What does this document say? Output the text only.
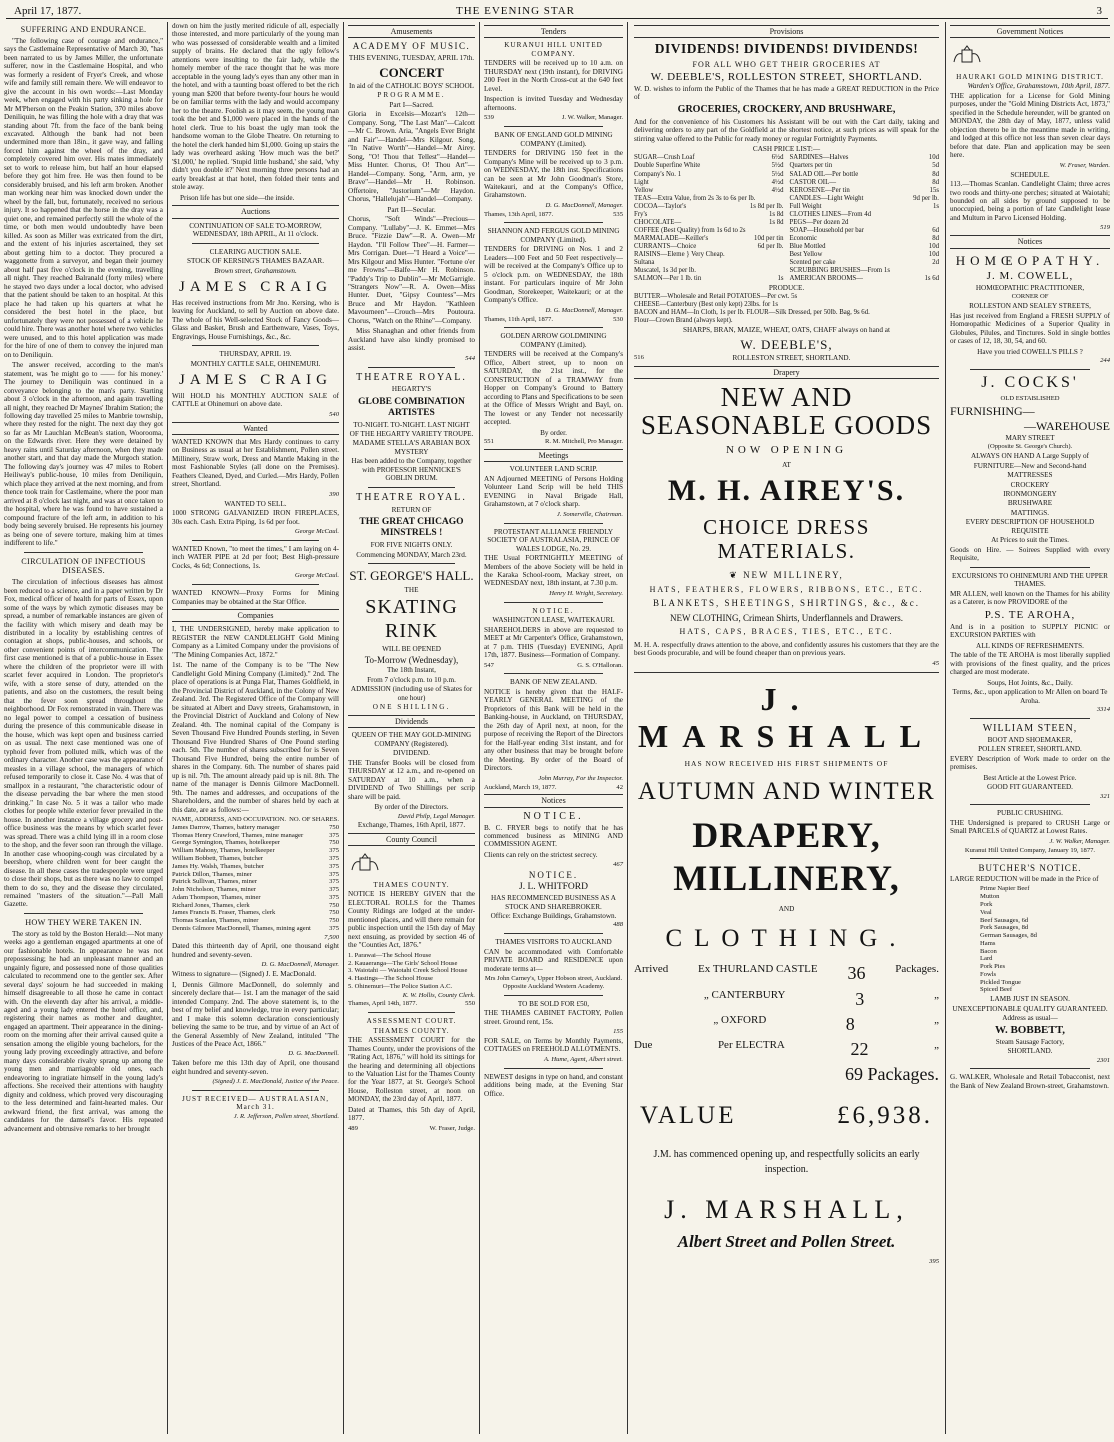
April 17, 1877.	THE EVENING STAR	3
SUFFERING AND ENDURANCE.

"The following case of courage and endurance," says the Castlemaine Representative of March 30, "has been narrated to us by James Miller, the unfortunate sufferer, now in the Castlemaine Hospital, and who was formerly a resident of Fryer's Creek, and whose wife and family still remain there. We will endeavor to give the account in his own words:—Last Monday week, when engaged with his party sinking a hole for Mr M'Pherson on the Peakin Station, 370 miles above Deniliquin, he was filling the hole with a dray that was standing about 7ft. from the face of the bank being excavated. Although the bank had not been undermined more than 18in., it gave way, and falling forced him against the wheel of the dray, and completely covered him over. His mates immediately set to work to release him, but half an hour elapsed before they got him free. He was then found to be considerably bruised, and his left arm broken. Another man working near him was knocked down under the wheel by the fall, but, fortunately, received no serious injury. It so happened that the horse in the dray was a quiet one, and remained perfectly still the whole of the time, or both men would undoubtedly have been killed. As soon as Miller was extricated from the dirt, and the extent of his injuries ascertained, they set about getting him to a doctor. They procured a waggonette from a surveyor, and began their journey about half past five o'clock in the evening, travelling all night. They reached Balranald (forty miles) where he stayed two days under a local doctor, who advised that the patient should be taken to an hospital. At this place he had taken up his quarters at what he considered the best hotel in the place, but unfortunately they were not possessed of a vehicle he could hire. There was another hotel where two vehicles were unused, and to this hotel application was made for the hire of one of them to convey the injured man on to Deniliquin.

The answer received, according to the man's statement, was 'he might go to —— for his money.' The journey to Deniliquin was continued in a conveyance belonging to the man's party. Starting about 3 o'clock in the afternoon, and again travelling all night, they reached Dr Maynes' Ibrahim Station; the following day travelled 25 miles to Manbrie township, where they rested for the night. The next day they got so far as Mr Lauchlan McBean's station, Woorooma, on the Edwards river. Here they were detained by heavy rains until Saturday afternoon, when they made another start, and that day made the Murgoch station. The following day's journey was 47 miles to Robert Heiliway's public-house, 10 miles from Deniliquin, which place they arrived at the next morning, and from thence took train for Castlemaine, where the poor man arrived at 8 o'clock last night, and was at once taken to the hospital, where he was found to have sustained a compound fracture of the left arm, in addition to his body being severely bruised. He represents his journey as being one of severe torture, making him at times indifferent to life."

CIRCULATION OF INFECTIOUS DISEASES.

The circulation of infectious diseases has almost been reduced to a science, and in a paper written by Dr Fox, medical officer of health for parts of Essex, upon some of the ways by which zymotic diseases may be spread, a number of remarkable instances are given of the facility with which misery and death may be distributed in a locality by establishing centres of contagion at shops, public-houses, and schools, or other convenient points of intercommunication. The first case mentioned is that of a public-house in Essex where the children of the proprietor were ill with scarlet fever acquired in London. The proprietor's wife, with a store sense of duty, attended on the patients, and also on the customers, the result being that the fever soon spread throughout the neighborhood. Dr Fox remonstrated in vain. There was no legal power to compel a cessation of business during the presence of this communicable disease in the house, which was kept open and business carried on as usual. The next case mentioned was one of typhoid fever from polluted milk, which was of the ordinary character. Another case was the appearance of measles in a village school, the managers of which refused temporarily to close it. Case No. 4 was that of smallpox in a restaurant, "the characteristic odour of the disease pervading the bar where the men stood drinking." In case No. 5 it was a tailor who made clothes for people while exterior fever prevailed in the house. In another instance a village grocery and post-office business was the means by which scarlet fever was spread. There was a child lying ill in a room close to the shop, and the fever soon ran through the village. In another case whooping-cough was circulated by a beershop, where children went for beer caught the disease. In all these cases the tradespeople were urged to close their shops, but as there was no law to compel them to do so, they and the disease they circulated, remained "masters of the situation."—Pall Mall Gazette.

HOW THEY WERE TAKEN IN.

The story as told by the Boston Herald:—Not many weeks ago a gentleman engaged apartments at one of our fashionable hotels. In appearance he was not prepossessing; he had an unpleasant manner and an ungainly figure, and possessed none of those qualities calculated to recommend one to the gentler sex. After several days' sojourn he had succeeded in making himself disagreeable to all those he came in contact with. On the eleventh day after his arrival, a middle-aged and a young lady entered the hotel office, and, registering their names as mother and daughter, engaged an apartment. Their appearance in the dining-room on the morning after their arrival caused quite a sensation among the eligible young bachelors, for the young lady proving exceedingly attractive, and before many days considerable rivalry sprang up among the young men and marriageable old ones, each endeavoring to ingratiate himself in the young lady's affections. She received their attentions with haughty dignity and coldness, which proved very discouraging to the less determined and faint-hearted males. Our awkward friend, the first arrival, was among the candidates for the damsel's favor. His repeated advancement and obtrusive remarks to her brought

down on him the justly merited ridicule of all, especially those interested, and more particularly of the young man who was possessed of considerable wealth and a limited supply of brains. He declared that the ugly fellow's attentions were insulting to the fair lady, while the homely member of the race thought that he was more acceptable in the young lady's eyes than any other man in the hotel, and with a taunting boast offered to bet the rich young man $200 that before twenty-four hours he would be on familiar terms with the lady and would accompany her to the theatre. Foolish as it may seem, the young man took the bet and $1,000 were placed in the hands of the hotel clerk. True to his boast the ugly man took the handsome woman to the Globe Theatre. On returning to the hotel the clerk handed him $1,000. Going up stairs the lady was overheard asking 'How much was the bet?' '$1,000,' he replied. 'Stupid little husband,' she said, 'why didn't you double it?' Next morning three persons had an early breakfast at that hotel, then folded their tents and stole away.

Prison life has but one side—the inside.

Auctions
CONTINUATION OF SALE TO-MORROW, WEDNESDAY, 18th APRIL, At 11 o'clock.
CLEARING AUCTION SALE.
STOCK OF KERSING'S THAMES BAZAAR.
Brown street, Grahamstown.
JAMES CRAIG

Has received instructions from Mr Jno. Kersing, who is leaving for Auckland, to sell by Auction on above date. The whole of his Well-selected Stock of Fancy Goods—Glass and Basket, Brush and Earthenware, Vases, Toys, Engravings, House Furnishings, &c., &c.

THURSDAY, APRIL 19.
MONTHLY CATTLE SALE, OHINEMURI.
JAMES CRAIG

Will HOLD his MONTHLY AUCTION SALE of CATTLE at Ohinemuri on above date.

540
Wanted

WANTED KNOWN that Mrs Hardy continues to carry on Business as usual at her Establishment, Pollen street. Millinery, Straw work, Dress and Mantle Making in the most Fashionable Styles (all done on the Premises). Feathers Cleaned, Dyed, and Curled.—Mrs Hardy, Pollen street, Shortland.

390
WANTED TO SELL.

1000 STRONG GALVANIZED IRON FIREPLACES, 30s each. Cash. Extra Piping, 1s 6d per foot.

George McCaul.

WANTED Known, "to meet the times," I am laying on 4-inch WATER PIPE at 2d per foot; Best High-pressure Cocks, 4s 6d; Connections, 1s.

George McCaul.

WANTED KNOWN—Proxy Forms for Mining Companies may be obtained at the Star Office.

Companies

I, THE UNDERSIGNED, hereby make application to REGISTER the NEW CANDLELIGHT Gold Mining Company as a Limited Company under the provisions of "The Mining Companies Act, 1872."

1st. The name of the Company is to be "The New Candlelight Gold Mining Company (Limited)." 2nd. The place of operations is at Punga Flat, Thames Goldfield, in the Provincial District of Auckland, in the Colony of New Zealand. 3rd. The Registered Office of the Company will be situated at Albert and Davy streets, Grahamstown, in the Provincial District of Auckland and Colony of New Zealand. 4th. The nominal capital of the Company is Seven Thousand Five Hundred Pounds sterling, in Seven Thousand Five Hundred Shares of One Pound sterling each. 5th. The number of shares subscribed for is Seven Thousand Five Hundred, being the entire number of shares in the Company. 6th. The number of shares paid up is nil. 7th. The amount already paid up is nil. 8th. The name of the manager is Dennis Gilmore MacDonnell. 9th. The names and addresses, and occupations of the Shareholders, and the number of shares held by each at this date, are as follows:—

NAME, ADDRESS, AND OCCUPATION. NO. OF SHARES.
James Darrow, Thames, battery manager	750
Thomas Henry Crawford, Thames, mine manager	375
George Symington, Thames, hotelkeeper	750
William Mahony, Thames, hotelkeeper	375
William Bobbett, Thames, butcher	375
James Hy. Walsh, Thames, butcher	375
Patrick Dillon, Thames, miner	375
Patrick Sullivan, Thames, miner	375
John Nicholson, Thames, miner	375
Adam Thompson, Thames, miner	375
Richard Jones, Thames, clerk	750
James Francis B. Fraser, Thames, clerk	750
Thomas Scanlan, Thames, miner	750
Dennis Gilmore MacDonnell, Thames, mining agent	375
7,500

Dated this thirteenth day of April, one thousand eight hundred and seventy-seven.

D. G. MacDonnell, Manager.

Witness to signature— (Signed) J. E. MacDonald.

I, Dennis Gilmore MacDonnell, do solemnly and sincerely declare that— 1st. I am the manager of the said intended Company. 2nd. The above statement is, to the best of my belief and knowledge, true in every particular; and I make this solemn declaration conscientiously believing the same to be true, and by virtue of an Act of the General Assembly of New Zealand, intituled "The Justices of the Peace Act, 1866."

D. G. MacDonnell.

Taken before me this 13th day of April, one thousand eight hundred and seventy-seven.

(Signed) J. E. MacDonald, Justice of the Peace.
JUST RECEIVED— AUSTRALASIAN, March 31.
J. R. Jefferson, Pollen street, Shortland.
Amusements
ACADEMY OF MUSIC.
THIS EVENING, TUESDAY, APRIL 17th.
CONCERT
In aid of the CATHOLIC BOYS' SCHOOL
PROGRAMME.
Part I—Sacred.

Gloria in Excelsis—Mozart's 12th—Company. Song, "The Last Man"—Calcott—Mr C. Brown. Aria, "Angels Ever Bright and Fair"—Handel—Mrs Kilgour. Song, "In Native Worth"—Handel—Mr Airey. Song, "O! Thou that Tellest"—Handel—Miss Hunter. Chorus, O! Thou Art"—Handel—Company. Song, "Arm, arm, ye Brave"—Handel—Mr H. Robinson. Offertoire, "Justorium"—Mr Haydon. Chorus, "Hallelujah"—Handel—Company.

Part II—Secular.

Chorus, "Soft Winds"—Precious—Company. "Lullaby"—J. K. Emmet—Mrs Bruce. "Fizzie Daw"—R. A. Owen—Mr Haydon. "I'll Follow Thee"—H. Farmer—Mrs Corrigan. Duet—"I Heard a Voice"—Mrs Kilgour and Miss Hunter. "Fortune o'er me Frowns"—Balfe—Mr H. Robinson. "Paddy's Trip to Dublin"—Mr McGarrigle. "Strangers Now"—R. A. Owen—Miss Hunter. Duet, "Gipsy Countess"—Mrs Bruce and Mr Haydon. "Kathleen Mavourneen"—Crouch—Mrs Poutoura. Chorus, "Watch on the Rhine"—Company.

Miss Shanaghan and other friends from Auckland have also kindly promised to assist.

544
THEATRE ROYAL.
HEGARTY'S
GLOBE COMBINATION ARTISTES
TO-NIGHT. TO-NIGHT. LAST NIGHT OF THE HEGARTY VARIETY TROUPE.
MADAME STELLA'S ARABIAN BOX MYSTERY
Has been added to the Company, together with PROFESSOR HENNICKE'S GOBLIN DRUM.
THEATRE ROYAL.
RETURN OF
THE GREAT CHICAGO MINSTRELS !
FOR FIVE NIGHTS ONLY.
Commencing MONDAY, March 23rd.
ST. GEORGE'S HALL.
THE
SKATING RINK
WILL BE OPENED
To-Morrow (Wednesday),
The 18th Instant,
From 7 o'clock p.m. to 10 p.m.
ADMISSION (including use of Skates for one hour)
ONE SHILLING.
Dividends
QUEEN OF THE MAY GOLD-MINING COMPANY (Registered).
DIVIDEND.

THE Transfer Books will be closed from THURSDAY at 12 a.m., and re-opened on SATURDAY at 10 a.m., when a DIVIDEND of Two Shillings per scrip share will be paid.

By order of the Directors.
David Philp, Legal Manager.
Exchange, Thames, 16th April, 1877.
County Council
THAMES COUNTY.

NOTICE IS HEREBY GIVEN that the ELECTORAL ROLLS for the Thames County Ridings are lodged at the under-mentioned places, and will there remain for public inspection until the 15th day of May next ensuing, as provided by section 46 of the "Counties Act, 1876."

1. Parawai—The School House
2. Kauaeranga—The Girls' School House
3. Waiotahi — Waiotahi Creek School House
4. Hastings—The School House
5. Ohinemuri—The Police Station A.C.
K. W. Hollis, County Clerk.
Thames, April 14th, 1877.	550
ASSESSMENT COURT.
THAMES COUNTY.

THE ASSESSMENT COURT for the Thames County, under the provisions of the "Rating Act, 1876," will hold its sittings for the hearing and determining all objections to the Valuation List for the Thames County for the Year 1877, at St. George's School House, Rolleston street, at noon on MONDAY, the 23rd day of April, 1877.

Dated at Thames, this 5th day of April, 1877.

489	W. Fraser, Judge.
Tenders
KURANUI HILL UNITED COMPANY.

TENDERS will be received up to 10 a.m. on THURSDAY next (19th instant), for DRIVING 200 Feet in the North Cross-cut at the 640 feet Level.

Inspection is invited Tuesday and Wednesday afternoons.

539	J. W. Walker, Manager.
BANK OF ENGLAND GOLD MINING COMPANY (Limited).

TENDERS for DRIVING 150 feet in the Company's Mine will be received up to 3 p.m. on WEDNESDAY, the 18th inst. Specifications can be seen at Mr John Goodman's Store, Waitekauri, and at the Company's Office, Grahamstown.

D. G. MacDonnell, Manager.
Thames, 13th April, 1877.	535
SHANNON AND FERGUS GOLD MINING COMPANY (Limited).

TENDERS for DRIVING on Nos. 1 and 2 Leaders—100 Feet and 50 Feet respectively—will be received at the Company's Office up to 5 o'clock p.m. on WEDNESDAY, the 18th instant. For particulars inquire of Mr John Goodman, Storekeeper, Waitekauri; or at the Company's Office.

D. G. MacDonnell, Manager.
Thames, 11th April, 1877.	530
GOLDEN ARROW GOLDMINING COMPANY (Limited).

TENDERS will be received at the Company's Office, Albert street, up to noon on SATURDAY, the 21st inst., for the CONSTRUCTION of a TRAMWAY from Hopper on Company's Ground to Battery according to Plans and Specifications to be seen at the Office of Messrs Wright and Bayl, on. The lowest or any Tender not necessarily accepted.

By order.
551	R. M. Mitchell, Pro Manager.
Meetings
VOLUNTEER LAND SCRIP.

AN Adjourned MEETING of Persons Holding Volunteer Land Scrip will be held THIS EVENING in Naval Brigade Hall, Grahamstown, at 7 o'clock sharp.

J. Somerville, Chairman.
PROTESTANT ALLIANCE FRIENDLY SOCIETY OF AUSTRALASIA, PRINCE OF WALES LODGE, No. 29.

THE Usual FORTNIGHTLY MEETING of Members of the above Society will be held in the Karaka School-room, Mackay street, on WEDNESDAY next, 18th instant, at 7.30 p.m.

Henry H. Wright, Secretary.
NOTICE.
WASHINGTON LEASE, WAITEKAURI.

SHAREHOLDERS in above are requested to MEET at Mr Carpenter's Office, Grahamstown, at 7 p.m. THIS (Tuesday) EVENING, April 17th, 1877. Business—Formation of Company.

547	G. S. O'Halloran.
BANK OF NEW ZEALAND.

NOTICE is hereby given that the HALF-YEARLY GENERAL MEETING of the Proprietors of this Bank will be held in the Banking-house, in Auckland, on THURSDAY, the 26th day of April next, at noon, for the purpose of receiving the Report of the Directors for the Half-year ending 31st instant, and for any other business that may be brought before the Meeting. By order of the Board of Directors.

John Murray, For the Inspector.
Auckland, March 19, 1877.	42
Notices
NOTICE.

B. C. FRYER begs to notify that he has commenced business as MINING AND COMMISSION AGENT.

Clients can rely on the strictest secrecy.

467
NOTICE.
J. L. WHITFORD
HAS RECOMMENCED BUSINESS AS A STOCK AND SHAREBROKER.
Office: Exchange Buildings, Grahamstown.
488
THAMES VISITORS TO AUCKLAND

CAN be accommodated with Comfortable PRIVATE BOARD and RESIDENCE upon moderate terms at—

Mrs John Carney's, Upper Hobson street, Auckland. Opposite Auckland Western Academy.
TO BE SOLD FOR £50,

THE THAMES CABINET FACTORY, Pollen street. Ground rent, 15s.

155

FOR SALE, on Terms by Monthly Payments, COTTAGES on FREEHOLD ALLOTMENTS.

A. Hume, Agent, Albert street.

NEWEST designs in type on hand, and constant additions being made, at the Evening Star Office.

Provisions
DIVIDENDS! DIVIDENDS! DIVIDENDS!
FOR ALL WHO GET THEIR GROCERIES AT
W. DEEBLE'S, ROLLESTON STREET, SHORTLAND.

W. D. wishes to inform the Public of the Thames that he has made a GREAT REDUCTION in the Price of

GROCERIES, CROCKERY, AND BRUSHWARE,

And for the convenience of his Customers his Assistant will be out with the Cart daily, taking and delivering orders to any part of the Goldfield at the shortest notice, at such prices as will speak for the stirring value offered to the Public for ready money or regular Fortnightly Payments.

CASH PRICE LIST:—
SUGAR—Crush Loaf	6½d
Double Superfine White	5½d
Company's No. 1	5½d
Light	4½d
Yellow	4½d
TEAS—Extra Value, from 2s 3s to 6s per lb.
COCOA—Taylor's	1s 8d per lb.
Fry's	1s 8d
CHOCOLATE—	1s 8d
COFFEE (Best Quality) from 1s 6d to 2s
MARMALADE—Keiller's	10d per tin
CURRANTS—Choice	6d per lb.
RAISINS—Eleme } Very Cheap.
Sultana
Muscatel, 1s 3d per lb.
SALMON—Per 1 lb. tin	1s
SARDINES—Halves	10d
Quarters per tin	5d
SALAD OIL—Per bottle	8d
CASTOR OIL—	8d
KEROSENE—Per tin	15s
CANDLES—Light Weight	9d per lb.
Full Weight	1s
CLOTHES LINES—From 4d
PEGS—Per dozen 2d
SOAP—Household per bar	6d
Economic	8d
Blue Mottled	10d
Best Yellow	10d
Scented per cake	2d
SCRUBBING BRUSHES—From 1s
AMERICAN BROOMS—	1s 6d
PRODUCE.
BUTTER—Wholesale and Retail POTATOES—Per cwt. 5s
CHEESE—Canterbury (Best only kept) 23lbs. for 1s
BACON and HAM—In Cloth, 1s per lb. FLOUR—Silk Dressed, per 50lb. Bag, 9s 6d.
Flour—Crown Brand (always kept).
SHARPS, BRAN, MAIZE, WHEAT, OATS, CHAFF always on hand at
W. DEEBLE'S,
516	ROLLESTON STREET, SHORTLAND.
Drapery
NEW AND SEASONABLE GOODS
NOW OPENING
AT
M. H. AIREY'S.
CHOICE DRESS MATERIALS.
❦ NEW MILLINERY,
HATS, FEATHERS, FLOWERS, RIBBONS, ETC., ETC.
BLANKETS, SHEETINGS, SHIRTINGS, &c., &c.
NEW CLOTHING, Crimean Shirts, Underflannels and Drawers.
HATS, CAPS, BRACES, TIES, ETC., ETC.

M. H. A. respectfully draws attention to the above, and confidently assures his customers that they are the best Goods procurable, and will be found cheaper than on previous years.

45
J. MARSHALL
HAS NOW RECEIVED HIS FIRST SHIPMENTS OF
AUTUMN AND WINTER
DRAPERY, MILLINERY,
AND
CLOTHING.
Arrived	Ex THURLAND CASTLE 36	Packages.
„ CANTERBURY	3	„
„ OXFORD	8	„
Due	Per ELECTRA	22	„
69 Packages.
VALUE	£6,938.

J.M. has commenced opening up, and respectfully solicits an early inspection.

J. MARSHALL,
Albert Street and Pollen Street.
395
Government Notices
HAURAKI GOLD MINING DISTRICT.
Warden's Office, Grahamstown, 10th April, 1877.

THE application for a License for Gold Mining purposes, under the "Gold Mining Districts Act, 1873," specified in the Schedule hereunder, will be granted on MONDAY, the 28th day of May, 1877, unless valid objection thereto be in the meantime made in writing, and lodged at this office not less than seven clear days before that date. Plan and application may be seen here.

W. Fraser, Warden.
SCHEDULE.

113.—Thomas Scanlan. Candlelight Claim; three acres two roods and thirty-one perches; situated at Waiotahi; bounded on all sides by ground supposed to be unoccupied, being a portion of late Candlelight lease and Multum in Parvo Licensed Holding.

519
Notices
HOMŒOPATHY.
J. M. COWELL,
HOMŒOPATHIC PRACTITIONER,
CORNER OF
ROLLESTON AND SEALEY STREETS,

Has just received from England a FRESH SUPPLY of Homœopathic Medicines of a Superior Quality in Globules, Pilules, and Tinctures. Sold in single bottles or cases of 12, 18, 30, 54, and 60.

Have you tried COWELL'S PILLS ?
244
J. COCKS'
OLD ESTABLISHED
FURNISHING—
—WAREHOUSE
MARY STREET
(Opposite St. George's Church).
ALWAYS ON HAND A Large Supply of
FURNITURE—New and Second-hand
MATTRESSES
CROCKERY
IRONMONGERY
BRUSHWARE
MATTINGS.
EVERY DESCRIPTION OF HOUSEHOLD REQUISITE
At Prices to suit the Times.

Goods on Hire. — Soirees Supplied with every Requisite,

EXCURSIONS TO OHINEMURI AND THE UPPER THAMES.

MR ALLEN, well known on the Thames for his ability as a Caterer, is now PROVIDORE of the

P.S. TE AROHA,

And is in a position to SUPPLY PICNIC or EXCURSION PARTIES with

ALL KINDS OF REFRESHMENTS.

The table of the TE AROHA is most liberally supplied with provisions of the finest quality, and the prices charged are most moderate.

Soups, Hot Joints, &c., Daily.
Terms, &c., upon application to Mr Allen on board Te Aroha.
3314
WILLIAM STEEN,
BOOT AND SHOEMAKER,
POLLEN STREET, SHORTLAND.

EVERY Description of Work made to order on the premises.

Best Article at the Lowest Price.
GOOD FIT GUARANTEED.
321
PUBLIC CRUSHING.

THE Undersigned is prepared to CRUSH Large or Small PARCELS of QUARTZ at Lowest Rates.

J. W. Walker, Manager.
Kuranui Hill United Company, January 19, 1877.
BUTCHER'S NOTICE.

LARGE REDUCTION will be made in the Price of

Prime Napier Beef
Mutton
Pork
Veal
Beef Sausages, 6d
Pork Sausages, 8d
German Sausages, 8d
Hams
Bacon
Lard
Pork Pies
Fowls
Pickled Tongue
Spiced Beef
LAMB JUST IN SEASON.
UNEXCEPTIONABLE QUALITY GUARANTEED.
Address as usual—
W. BOBBETT,
Steam Sausage Factory,
SHORTLAND.
2301

G. WALKER, Wholesale and Retail Tobacconist, next the Bank of New Zealand Brown-street, Grahamstown.
